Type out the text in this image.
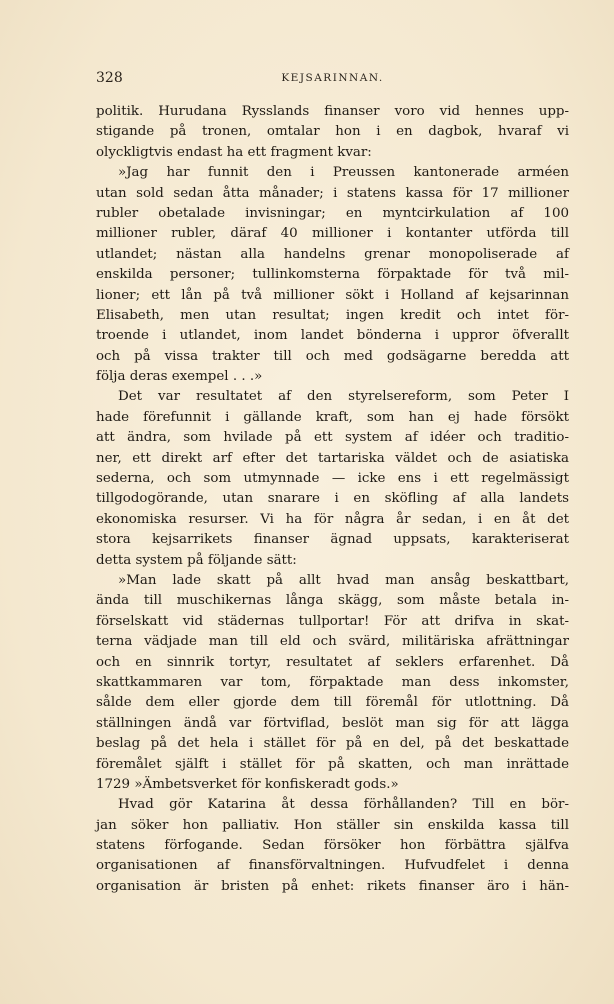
328	KEJSARINNAN.
politik. Hurudana Rysslands finanser voro vid hennes upp-
stigande på tronen, omtalar hon i en dagbok, hvaraf vi
olyckligtvis endast ha ett fragment kvar:
»Jag har funnit den i Preussen kantonerade arméen
utan sold sedan åtta månader; i statens kassa för 17 millioner
rubler obetalade invisningar; en myntcirkulation af 100
millioner rubler, däraf 40 millioner i kontanter utförda till
utlandet; nästan alla handelns grenar monopoliserade af
enskilda personer; tullinkomsterna förpaktade för två mil-
lioner; ett lån på två millioner sökt i Holland af kejsarinnan
Elisabeth, men utan resultat; ingen kredit och intet för-
troende i utlandet, inom landet bönderna i uppror öfverallt
och på vissa trakter till och med godsägarne beredda att
följa deras exempel . . .»
Det var resultatet af den styrelsereform, som Peter I
hade förefunnit i gällande kraft, som han ej hade försökt
att ändra, som hvilade på ett system af idéer och traditio-
ner, ett direkt arf efter det tartariska väldet och de asiatiska
sederna, och som utmynnade — icke ens i ett regelmässigt
tillgodogörande, utan snarare i en sköfling af alla landets
ekonomiska resurser. Vi ha för några år sedan, i en åt det
stora kejsarrikets finanser ägnad uppsats, karakteriserat
detta system på följande sätt:
»Man lade skatt på allt hvad man ansåg beskattbart,
ända till muschikernas långa skägg, som måste betala in-
förselskatt vid städernas tullportar! För att drifva in skat-
terna vädjade man till eld och svärd, militäriska afrättningar
och en sinnrik tortyr, resultatet af seklers erfarenhet. Då
skattkammaren var tom, förpaktade man dess inkomster,
sålde dem eller gjorde dem till föremål för utlottning. Då
ställningen ändå var förtviflad, beslöt man sig för att lägga
beslag på det hela i stället för på en del, på det beskattade
föremålet själft i stället för på skatten, och man inrättade
1729 »Ämbetsverket för konfiskeradt gods.»
Hvad gör Katarina åt dessa förhållanden? Till en bör-
jan söker hon palliativ. Hon ställer sin enskilda kassa till
statens förfogande. Sedan försöker hon förbättra själfva
organisationen af finansförvaltningen. Hufvudfelet i denna
organisation är bristen på enhet: rikets finanser äro i hän-
